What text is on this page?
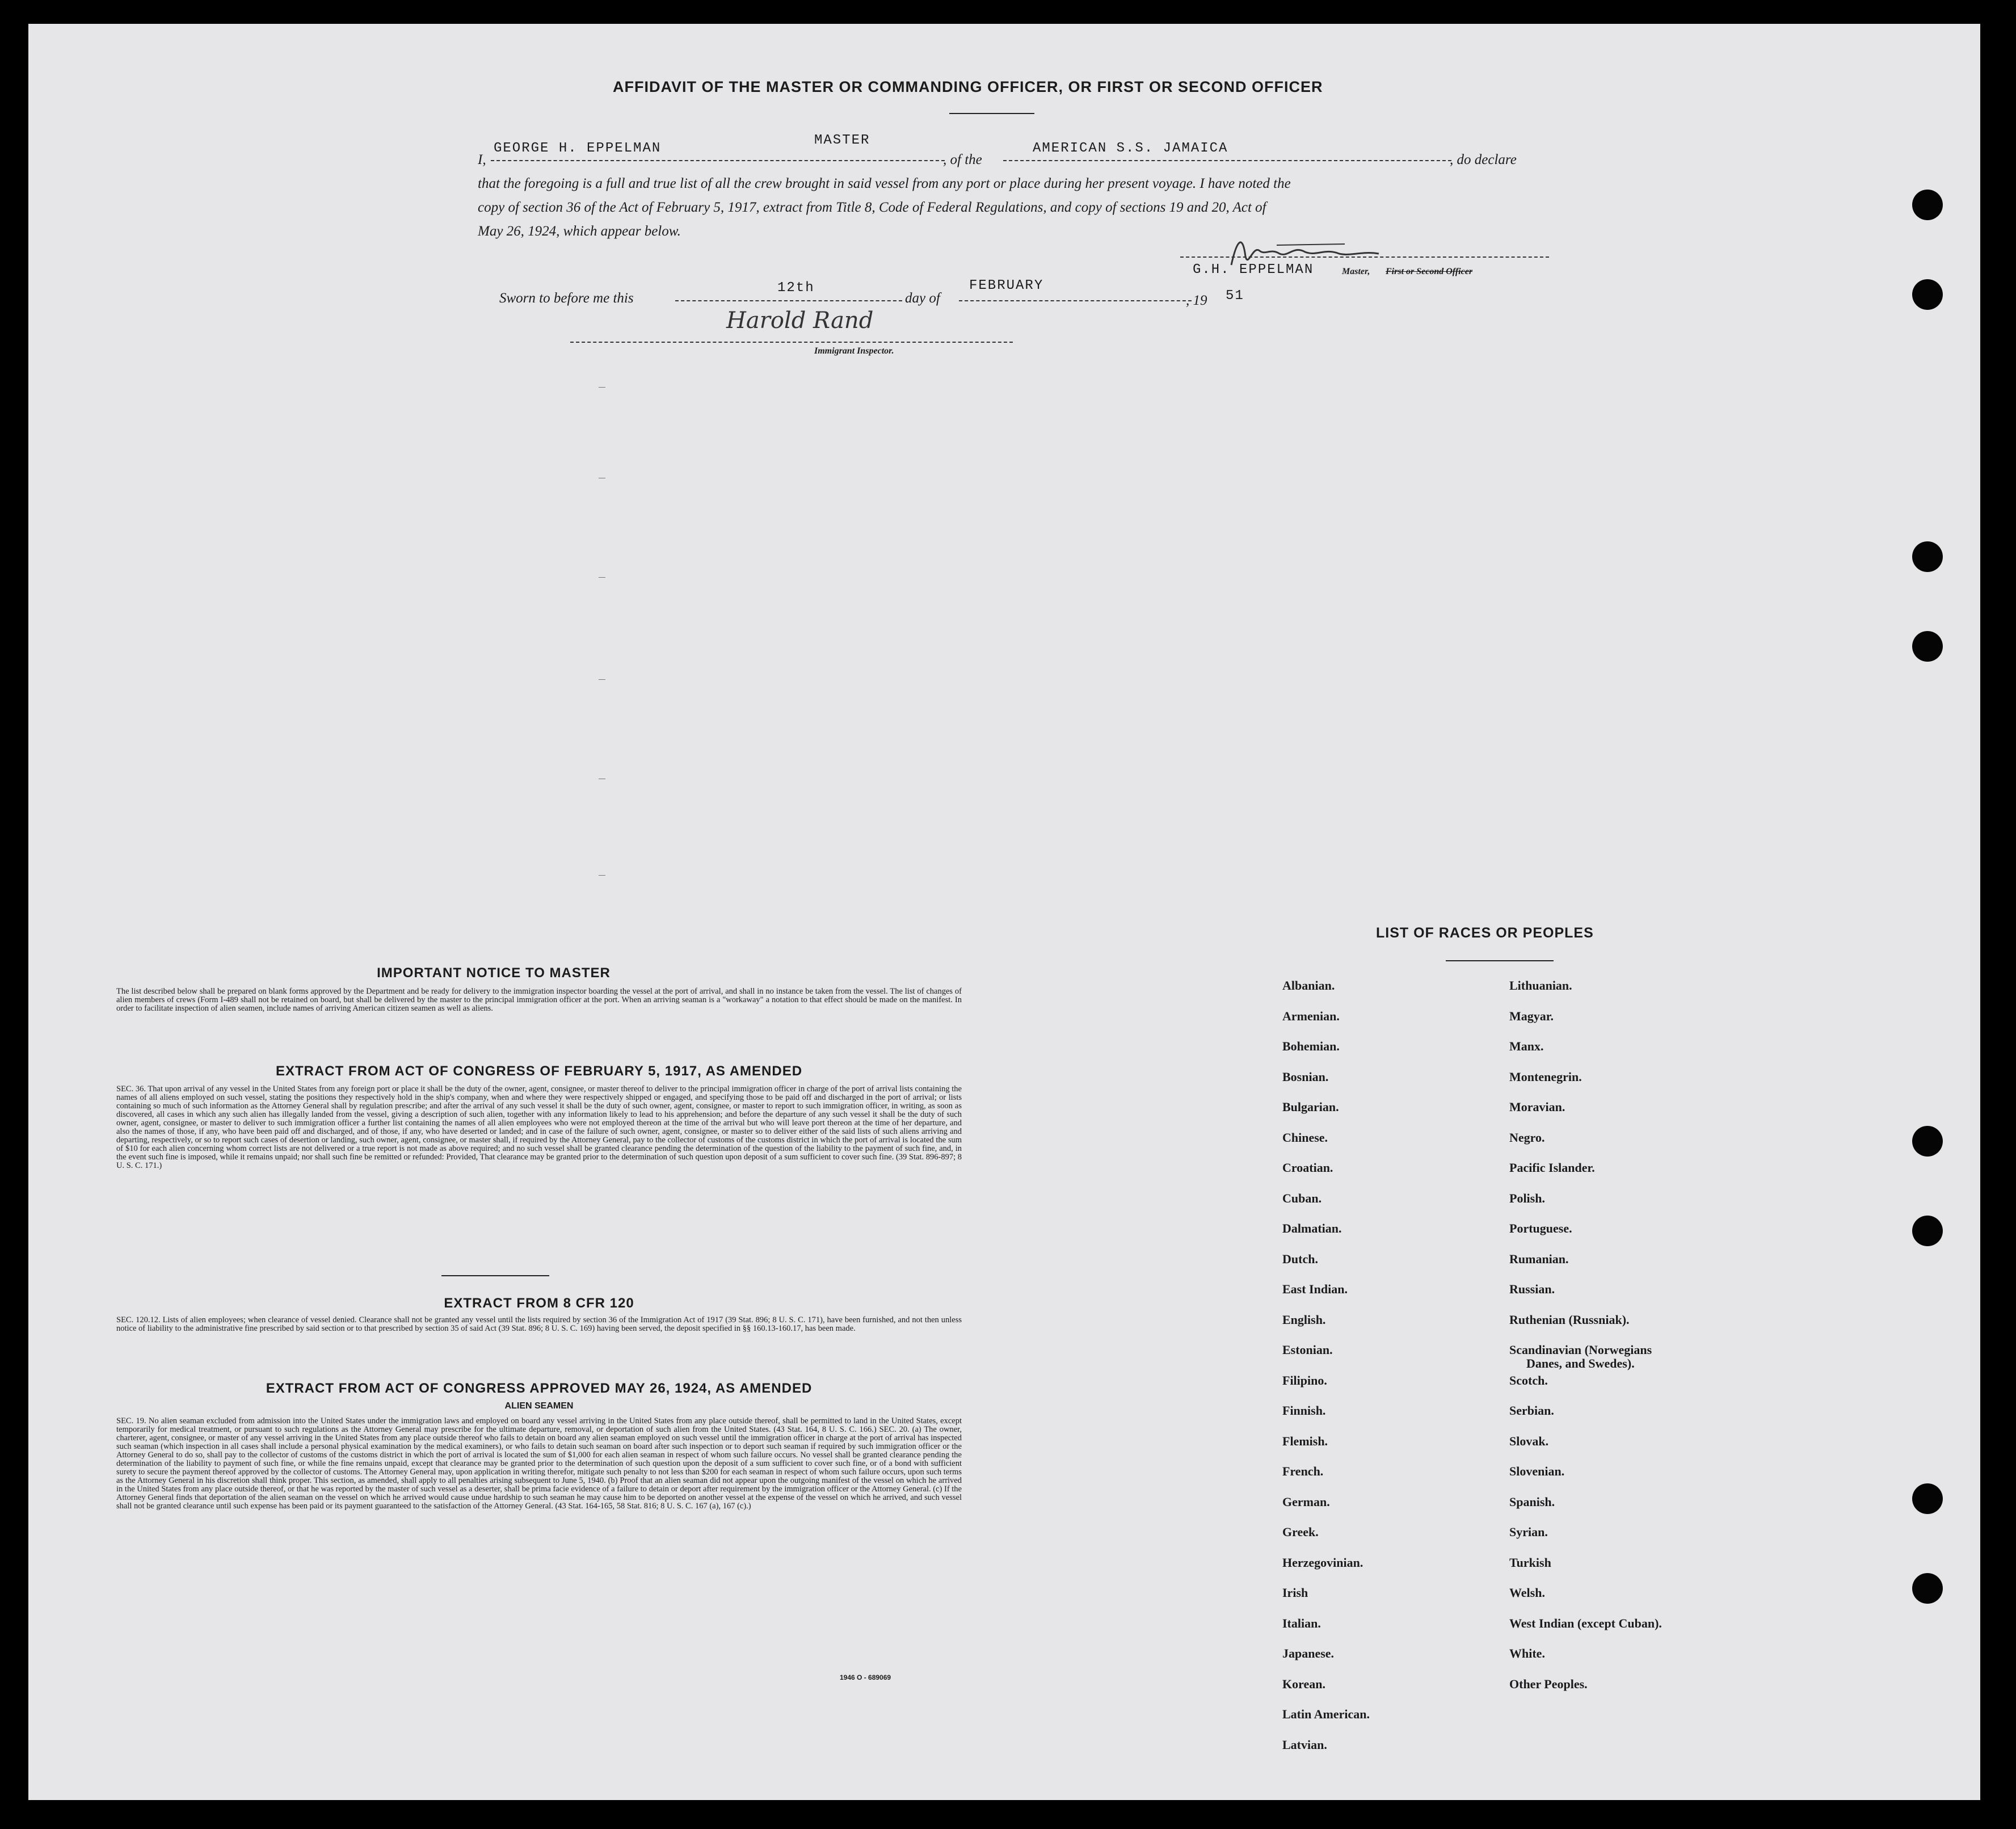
AFFIDAVIT OF THE MASTER OR COMMANDING OFFICER, OR FIRST OR SECOND OFFICER
I,
GEORGE H. EPPELMAN
MASTER
, of the
AMERICAN S.S. JAMAICA
, do declare
that the foregoing is a full and true list of all the crew brought in said vessel from any port or place during her present voyage. I have noted the
copy of section 36 of the Act of February 5, 1917, extract from Title 8, Code of Federal Regulations, and copy of sections 19 and 20, Act of
May 26, 1924, which appear below.
G.H. EPPELMAN	Master, First or Second Officer
Sworn to before me this
12th
day of
FEBRUARY
, 19 51
Harold Rand
Immigrant Inspector.
IMPORTANT NOTICE TO MASTER
The list described below shall be prepared on blank forms approved by the Department and be ready for delivery to the immigration inspector boarding the vessel at the port of arrival, and shall in no instance be taken from the vessel. The list of changes of alien members of crews (Form I-489 shall not be retained on board, but shall be delivered by the master to the principal immigration officer at the port. When an arriving seaman is a "workaway" a notation to that effect should be made on the manifest. In order to facilitate inspection of alien seamen, include names of arriving American citizen seamen as well as aliens.
EXTRACT FROM ACT OF CONGRESS OF FEBRUARY 5, 1917, AS AMENDED
SEC. 36. That upon arrival of any vessel in the United States from any foreign port or place it shall be the duty of the owner, agent, consignee, or master thereof to deliver to the principal immigration officer in charge of the port of arrival lists containing the names of all aliens employed on such vessel, stating the positions they respectively hold in the ship's company, when and where they were respectively shipped or engaged, and specifying those to be paid off and discharged in the port of arrival; or lists containing so much of such information as the Attorney General shall by regulation prescribe; and after the arrival of any such vessel it shall be the duty of such owner, agent, consignee, or master to report to such immigration officer, in writing, as soon as discovered, all cases in which any such alien has illegally landed from the vessel, giving a description of such alien, together with any information likely to lead to his apprehension; and before the departure of any such vessel it shall be the duty of such owner, agent, consignee, or master to deliver to such immigration officer a further list containing the names of all alien employees who were not employed thereon at the time of the arrival but who will leave port thereon at the time of her departure, and also the names of those, if any, who have been paid off and discharged, and of those, if any, who have deserted or landed; and in case of the failure of such owner, agent, consignee, or master so to deliver either of the said lists of such aliens arriving and departing, respectively, or so to report such cases of desertion or landing, such owner, agent, consignee, or master shall, if required by the Attorney General, pay to the collector of customs of the customs district in which the port of arrival is located the sum of $10 for each alien concerning whom correct lists are not delivered or a true report is not made as above required; and no such vessel shall be granted clearance pending the determination of the question of the liability to the payment of such fine, and, in the event such fine is imposed, while it remains unpaid; nor shall such fine be remitted or refunded: Provided, That clearance may be granted prior to the determination of such question upon deposit of a sum sufficient to cover such fine. (39 Stat. 896-897; 8 U. S. C. 171.)
EXTRACT FROM 8 CFR 120
SEC. 120.12. Lists of alien employees; when clearance of vessel denied. Clearance shall not be granted any vessel until the lists required by section 36 of the Immigration Act of 1917 (39 Stat. 896; 8 U. S. C. 171), have been furnished, and not then unless notice of liability to the administrative fine prescribed by said section or to that prescribed by section 35 of said Act (39 Stat. 896; 8 U. S. C. 169) having been served, the deposit specified in §§ 160.13-160.17, has been made.
EXTRACT FROM ACT OF CONGRESS APPROVED MAY 26, 1924, AS AMENDED
ALIEN SEAMEN
SEC. 19. No alien seaman excluded from admission into the United States under the immigration laws and employed on board any vessel arriving in the United States from any place outside thereof, shall be permitted to land in the United States, except temporarily for medical treatment, or pursuant to such regulations as the Attorney General may prescribe for the ultimate departure, removal, or deportation of such alien from the United States. (43 Stat. 164, 8 U. S. C. 166.) SEC. 20. (a) The owner, charterer, agent, consignee, or master of any vessel arriving in the United States from any place outside thereof who fails to detain on board any alien seaman employed on such vessel until the immigration officer in charge at the port of arrival has inspected such seaman (which inspection in all cases shall include a personal physical examination by the medical examiners), or who fails to detain such seaman on board after such inspection or to deport such seaman if required by such immigration officer or the Attorney General to do so, shall pay to the collector of customs of the customs district in which the port of arrival is located the sum of $1,000 for each alien seaman in respect of whom such failure occurs. No vessel shall be granted clearance pending the determination of the liability to payment of such fine, or while the fine remains unpaid, except that clearance may be granted prior to the determination of such question upon the deposit of a sum sufficient to cover such fine, or of a bond with sufficient surety to secure the payment thereof approved by the collector of customs. The Attorney General may, upon application in writing therefor, mitigate such penalty to not less than $200 for each seaman in respect of whom such failure occurs, upon such terms as the Attorney General in his discretion shall think proper. This section, as amended, shall apply to all penalties arising subsequent to June 5, 1940. (b) Proof that an alien seaman did not appear upon the outgoing manifest of the vessel on which he arrived in the United States from any place outside thereof, or that he was reported by the master of such vessel as a deserter, shall be prima facie evidence of a failure to detain or deport after requirement by the immigration officer or the Attorney General. (c) If the Attorney General finds that deportation of the alien seaman on the vessel on which he arrived would cause undue hardship to such seaman he may cause him to be deported on another vessel at the expense of the vessel on which he arrived, and such vessel shall not be granted clearance until such expense has been paid or its payment guaranteed to the satisfaction of the Attorney General. (43 Stat. 164-165, 58 Stat. 816; 8 U. S. C. 167 (a), 167 (c).)
1946 O - 689069
LIST OF RACES OR PEOPLES
Albanian.
Armenian.
Bohemian.
Bosnian.
Bulgarian.
Chinese.
Croatian.
Cuban.
Dalmatian.
Dutch.
East Indian.
English.
Estonian.
Filipino.
Finnish.
Flemish.
French.
German.
Greek.
Herzegovinian.
Irish
Italian.
Japanese.
Korean.
Latin American.
Latvian.
Lithuanian.
Magyar.
Manx.
Montenegrin.
Moravian.
Negro.
Pacific Islander.
Polish.
Portuguese.
Rumanian.
Russian.
Ruthenian (Russniak).
Scandinavian (Norwegians
Danes, and Swedes).
Scotch.
Serbian.
Slovak.
Slovenian.
Spanish.
Syrian.
Turkish
Welsh.
West Indian (except Cuban).
White.
Other Peoples.
